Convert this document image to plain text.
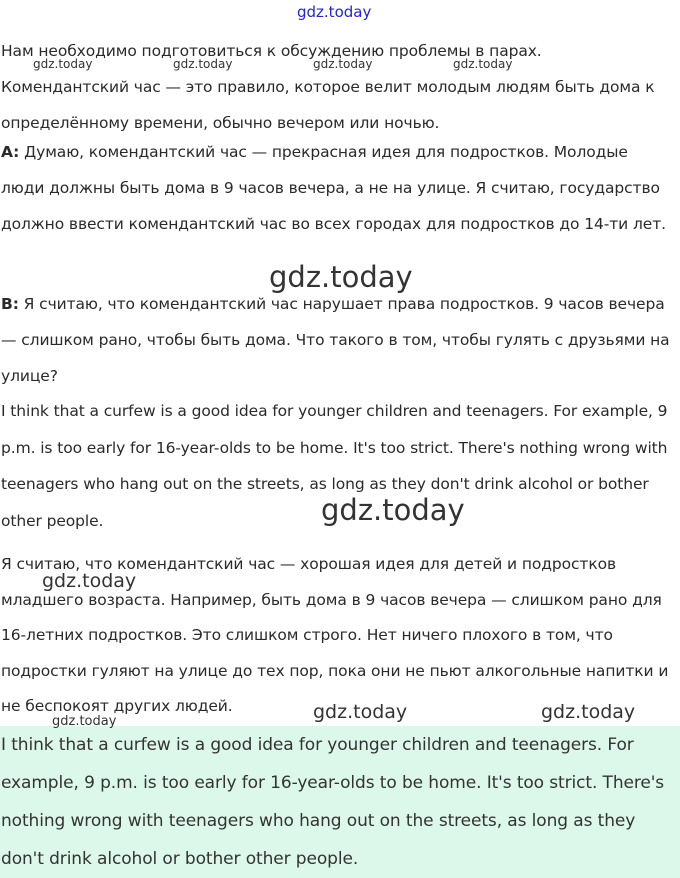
gdz.today
Нам необходимо подготовиться к обсуждению проблемы в парах. Комендантский час — это правило, которое велит молодым людям быть дома к определённому времени, обычно вечером или ночью.
A: Думаю, комендантский час — прекрасная идея для подростков. Молодые люди должны быть дома в 9 часов вечера, а не на улице. Я считаю, государство должно ввести комендантский час во всех городах для подростков до 14-ти лет.
B: Я считаю, что комендантский час нарушает права подростков. 9 часов вечера — слишком рано, чтобы быть дома. Что такого в том, чтобы гулять с друзьями на улице?
I think that a curfew is a good idea for younger children and teenagers. For example, 9 p.m. is too early for 16-year-olds to be home. It's too strict. There's nothing wrong with teenagers who hang out on the streets, as long as they don't drink alcohol or bother other people.
Я считаю, что комендантский час — хорошая идея для детей и подростков младшего возраста. Например, быть дома в 9 часов вечера — слишком рано для 16-летних подростков. Это слишком строго. Нет ничего плохого в том, что подростки гуляют на улице до тех пор, пока они не пьют алкогольные напитки и не беспокоят других людей.
I think that a curfew is a good idea for younger children and teenagers. For example, 9 p.m. is too early for 16-year-olds to be home. It's too strict. There's nothing wrong with teenagers who hang out on the streets, as long as they don't drink alcohol or bother other people.
gdz.today	gdz.today	gdz.today	gdz.today
gdz.today
gdz.today
gdz.today
gdz.today	gdz.today
gdz.today
